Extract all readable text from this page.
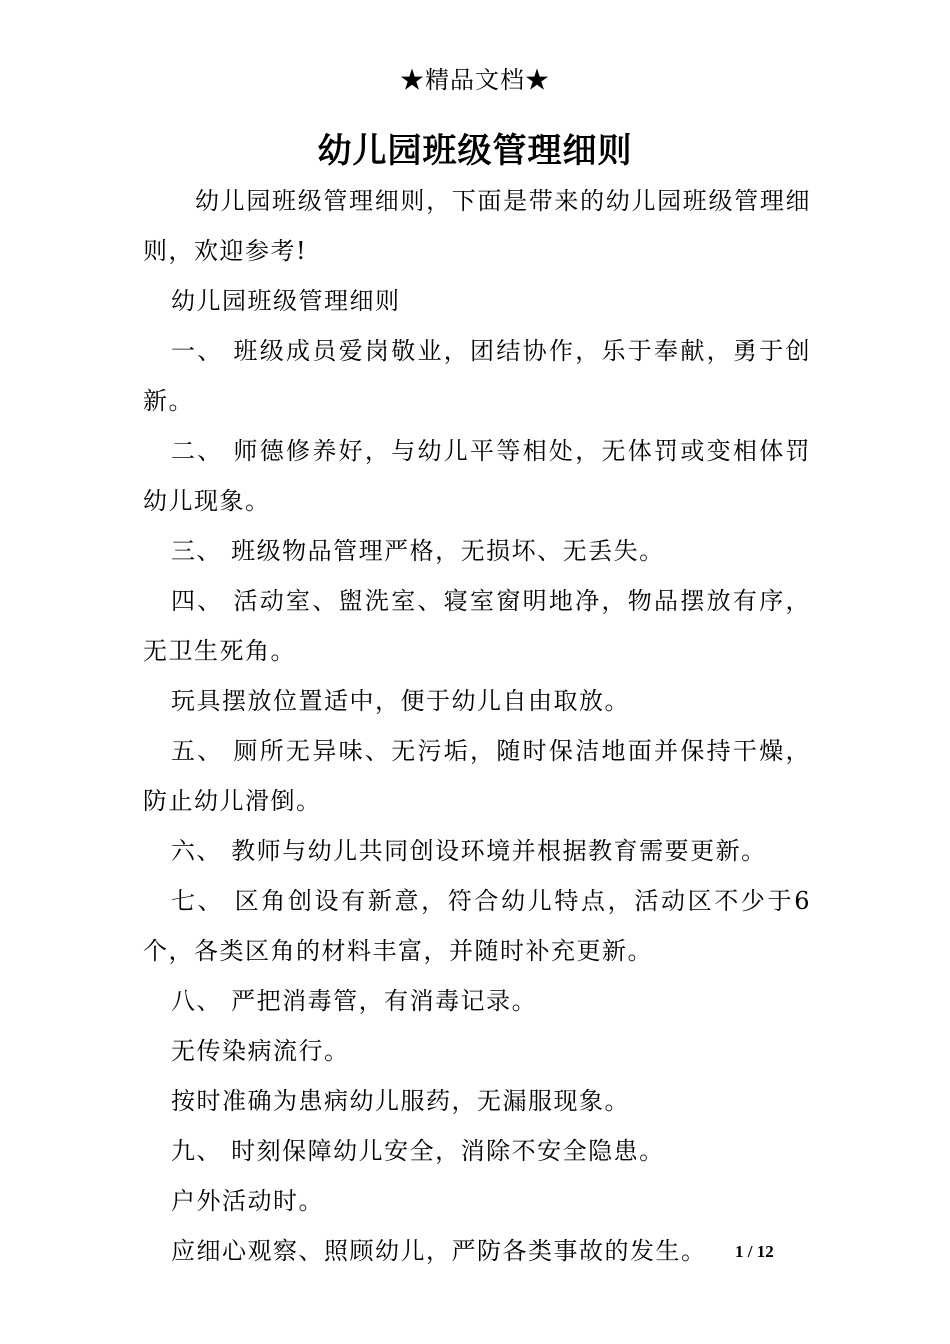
★精品文档★
幼儿园班级管理细则

幼儿园班级管理细则，下面是带来的幼儿园班级管理细则，欢迎参考!

幼儿园班级管理细则

一、 班级成员爱岗敬业，团结协作，乐于奉献，勇于创新。

二、 师德修养好，与幼儿平等相处，无体罚或变相体罚幼儿现象。

三、 班级物品管理严格，无损坏、无丢失。

四、 活动室、盥洗室、寝室窗明地净，物品摆放有序，无卫生死角。

玩具摆放位置适中，便于幼儿自由取放。

五、 厕所无异味、无污垢，随时保洁地面并保持干燥，防止幼儿滑倒。

六、 教师与幼儿共同创设环境并根据教育需要更新。

七、 区角创设有新意，符合幼儿特点，活动区不少于6个，各类区角的材料丰富，并随时补充更新。

八、 严把消毒管，有消毒记录。

无传染病流行。

按时准确为患病幼儿服药，无漏服现象。

九、 时刻保障幼儿安全，消除不安全隐患。

户外活动时。

应细心观察、照顾幼儿，严防各类事故的发生。	1 / 12
